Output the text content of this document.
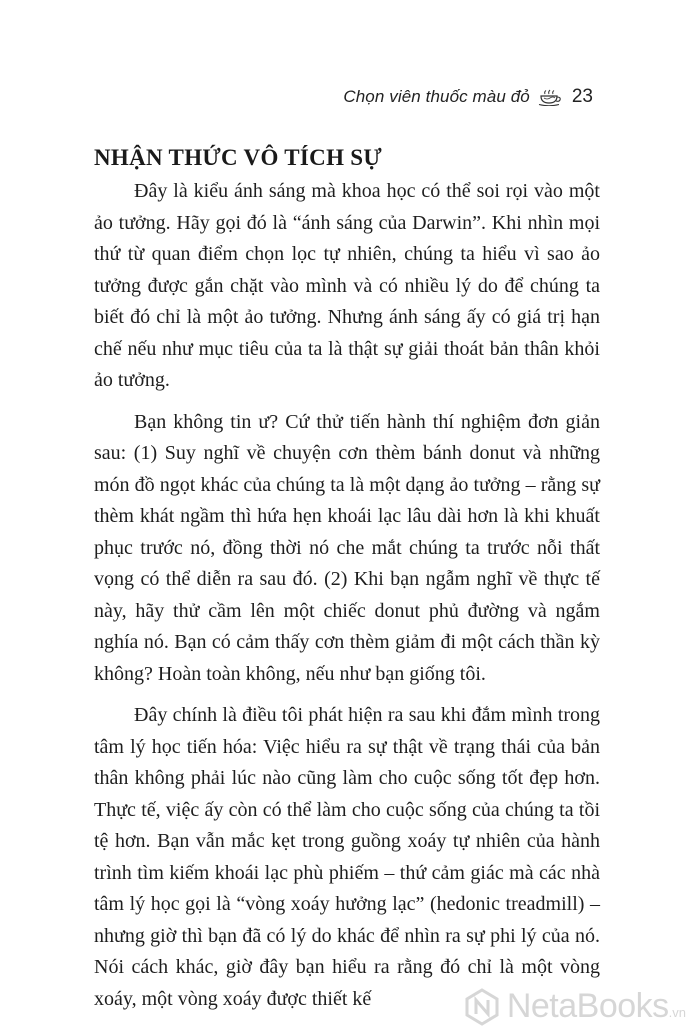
Chọn viên thuốc màu đỏ 23
NHẬN THỨC VÔ TÍCH SỰ

Đây là kiểu ánh sáng mà khoa học có thể soi rọi vào một ảo tưởng. Hãy gọi đó là “ánh sáng của Darwin”. Khi nhìn mọi thứ từ quan điểm chọn lọc tự nhiên, chúng ta hiểu vì sao ảo tưởng được gắn chặt vào mình và có nhiều lý do để chúng ta biết đó chỉ là một ảo tưởng. Nhưng ánh sáng ấy có giá trị hạn chế nếu như mục tiêu của ta là thật sự giải thoát bản thân khỏi ảo tưởng.

Bạn không tin ư? Cứ thử tiến hành thí nghiệm đơn giản sau: (1) Suy nghĩ về chuyện cơn thèm bánh donut và những món đồ ngọt khác của chúng ta là một dạng ảo tưởng – rằng sự thèm khát ngầm thì hứa hẹn khoái lạc lâu dài hơn là khi khuất phục trước nó, đồng thời nó che mắt chúng ta trước nỗi thất vọng có thể diễn ra sau đó. (2) Khi bạn ngẫm nghĩ về thực tế này, hãy thử cầm lên một chiếc donut phủ đường và ngắm nghía nó. Bạn có cảm thấy cơn thèm giảm đi một cách thần kỳ không? Hoàn toàn không, nếu như bạn giống tôi.

Đây chính là điều tôi phát hiện ra sau khi đắm mình trong tâm lý học tiến hóa: Việc hiểu ra sự thật về trạng thái của bản thân không phải lúc nào cũng làm cho cuộc sống tốt đẹp hơn. Thực tế, việc ấy còn có thể làm cho cuộc sống của chúng ta tồi tệ hơn. Bạn vẫn mắc kẹt trong guồng xoáy tự nhiên của hành trình tìm kiếm khoái lạc phù phiếm – thứ cảm giác mà các nhà tâm lý học gọi là “vòng xoáy hưởng lạc” (hedonic treadmill) – nhưng giờ thì bạn đã có lý do khác để nhìn ra sự phi lý của nó. Nói cách khác, giờ đây bạn hiểu ra rằng đó chỉ là một vòng xoáy, một vòng xoáy được thiết kế	NetaBooks.vn
